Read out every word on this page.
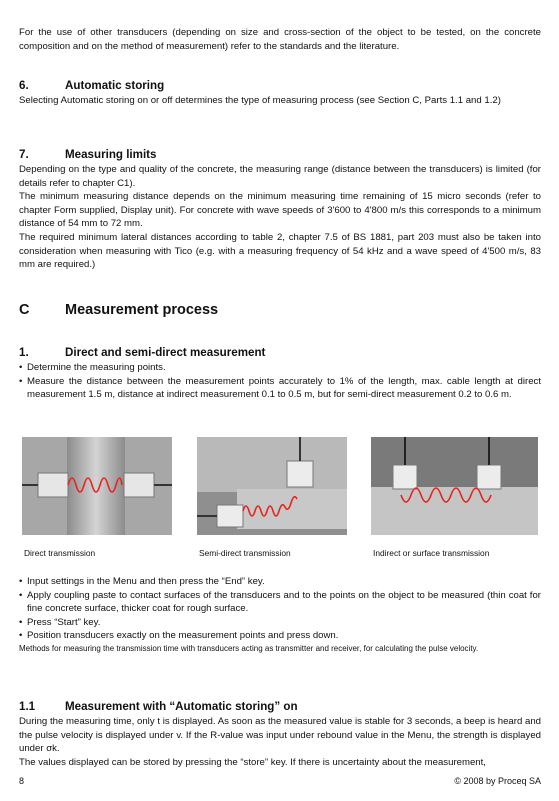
For the use of other transducers (depending on size and cross-section of the object to be tested, on the concrete composition and on the method of measurement) refer to the standards and the literature.
6.	Automatic storing
Selecting Automatic storing on or off determines the type of measuring process (see Section C, Parts 1.1 and 1.2)
7.	Measuring limits
Depending on the type and quality of the concrete, the measuring range (distance between the transducers) is limited (for details refer to chapter C1).
The minimum measuring distance depends on the minimum measuring time remaining of 15 micro seconds (refer to chapter Form supplied, Display unit). For concrete with wave speeds of 3'600 to 4'800 m/s this corresponds to a minimum distance of 54 mm to 72 mm.
The required minimum lateral distances according to table 2, chapter 7.5 of BS 1881, part 203 must also be taken into consideration when measuring with Tico (e.g. with a measuring frequency of 54 kHz and a wave speed of 4'500 m/s, 83 mm are required.)
C	Measurement process
1.	Direct and semi-direct measurement
• Determine the measuring points.
• Measure the distance between the measurement points accurately to 1% of the length, max. cable length at direct measurement 1.5 m, distance at indirect measurement 0.1 to 0.5 m, but for semi-direct measurement 0.2 to 0.6 m.
Direct transmission	Semi-direct transmission	Indirect or surface transmission
• Input settings in the Menu and then press the “End” key.
• Apply coupling paste to contact surfaces of the transducers and to the points on the object to be measured (thin coat for fine concrete surface, thicker coat for rough surface.
• Press “Start” key.
• Position transducers exactly on the measurement points and press down.
Methods for measuring the transmission time with transducers acting as transmitter and receiver, for calculating the pulse velocity.
1.1	Measurement with “Automatic storing” on
During the measuring time, only t is displayed. As soon as the measured value is stable for 3 seconds, a beep is heard and the pulse velocity is displayed under v. If the R-value was input under rebound value in the Menu, the strength is displayed under σk.
The values displayed can be stored by pressing the “store” key. If there is uncertainty about the measurement,
8	© 2008 by Proceq SA
